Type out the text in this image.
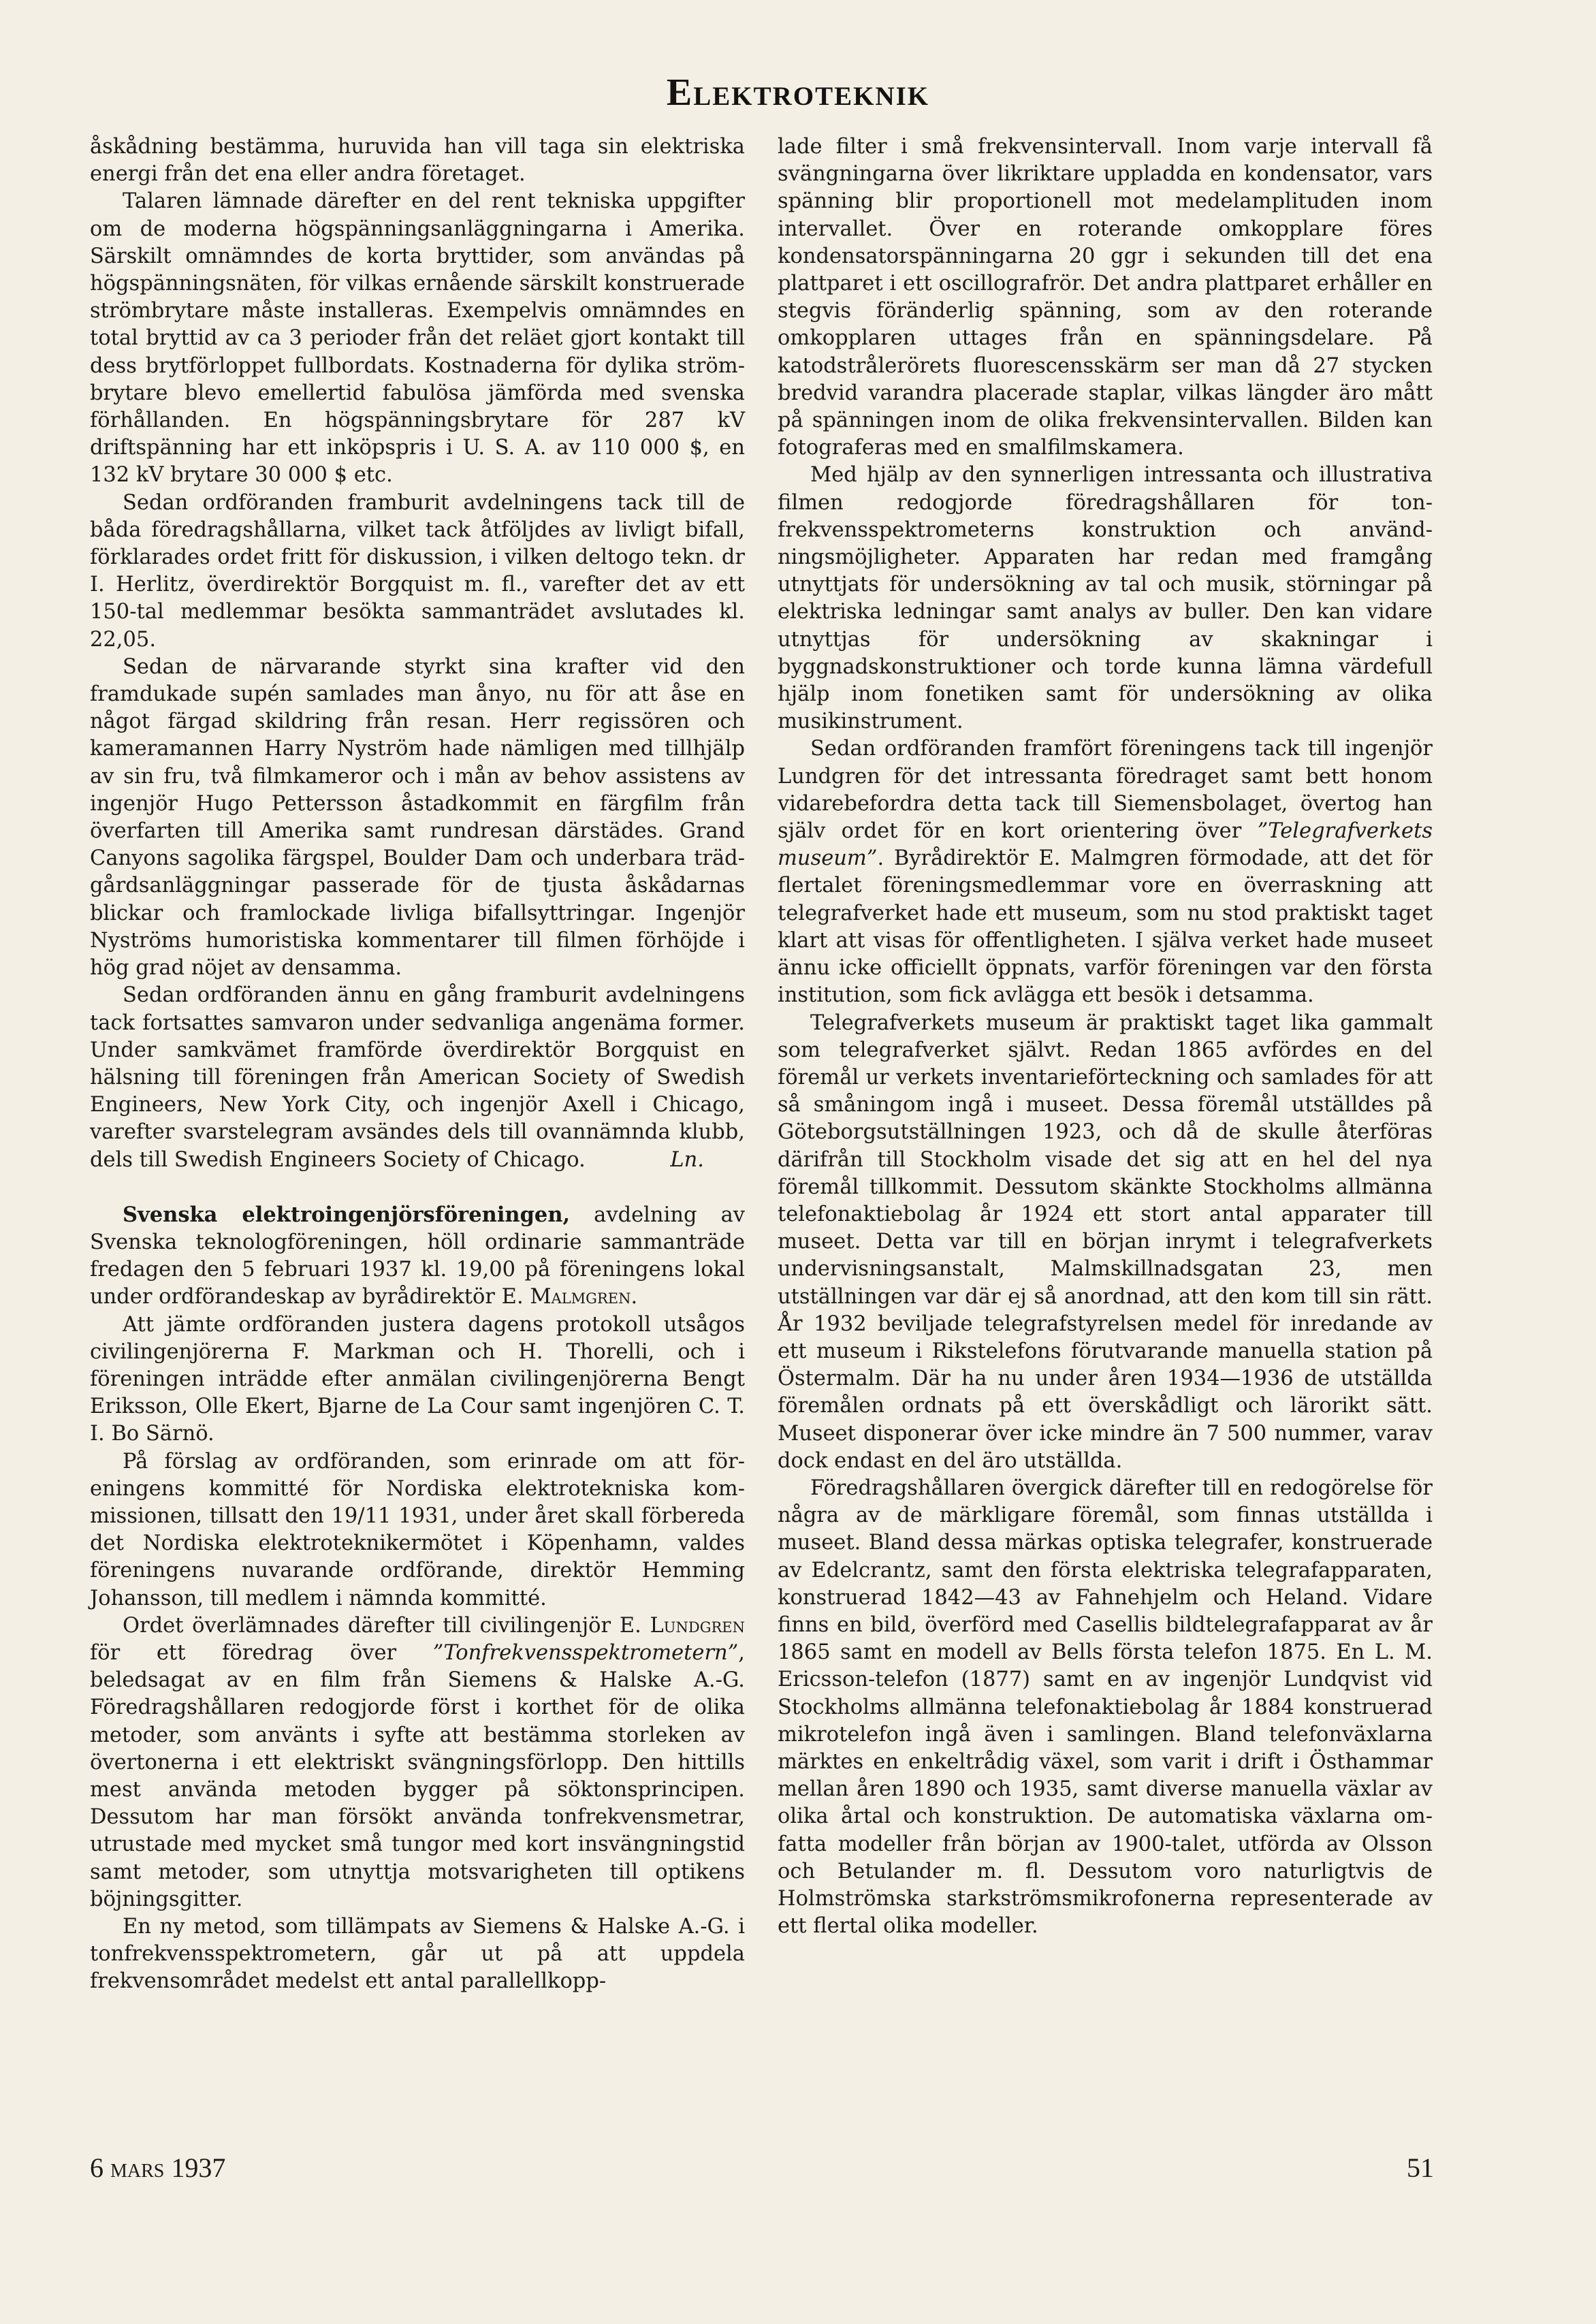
Elektroteknik

åskådning bestämma, huruvida han vill taga sin elektriska energi från det ena eller andra företaget.

Talaren lämnade därefter en del rent tekniska uppgifter om de moderna högspänningsanläggningarna i Amerika. Särskilt omnämndes de korta bryttider, som användas på högspänningsnäten, för vilkas ernående särskilt konstruerade strömbrytare måste installeras. Exempelvis omnämndes en total bryttid av ca 3 perioder från det reläet gjort kontakt till dess brytförloppet fullbordats. Kostnaderna för dylika strömbrytare blevo emellertid fabulösa jämförda med svenska förhållanden. En högspänningsbrytare för 287 kV driftspänning har ett inköpspris i U. S. A. av 110 000 $, en 132 kV brytare 30 000 $ etc.

Sedan ordföranden framburit avdelningens tack till de båda föredragshållarna, vilket tack åtföljdes av livligt bifall, förklarades ordet fritt för diskussion, i vilken deltogo tekn. dr I. Herlitz, överdirektör Borgquist m. fl., varefter det av ett 150-tal medlemmar besökta sammanträdet avslutades kl. 22,05.

Sedan de närvarande styrkt sina krafter vid den framdukade supén samlades man ånyo, nu för att åse en något färgad skildring från resan. Herr regissören och kameramannen Harry Nyström hade nämligen med tillhjälp av sin fru, två filmkameror och i mån av behov assistens av ingenjör Hugo Pettersson åstadkommit en färgfilm från överfarten till Amerika samt rundresan därstädes. Grand Canyons sagolika färgspel, Boulder Dam och underbara trädgårdsanläggningar passerade för de tjusta åskådarnas blickar och framlockade livliga bifallsyttringar. Ingenjör Nyströms humoristiska kommentarer till filmen förhöjde i hög grad nöjet av densamma.

Sedan ordföranden ännu en gång framburit avdelningens tack fortsattes samvaron under sedvanliga angenäma former. Under samkvämet framförde överdirektör Borgquist en hälsning till föreningen från American Society of Swedish Engineers, New York City, och ingenjör Axell i Chicago, varefter svarstelegram avsändes dels till ovannämnda klubb, dels till Swedish Engineers Society of Chicago.	Ln.

Svenska elektroingenjörsföreningen, avdelning av Svenska teknologföreningen, höll ordinarie sammanträde fredagen den 5 februari 1937 kl. 19,00 på föreningens lokal under ordförandeskap av byrådirektör E. Malmgren.

Att jämte ordföranden justera dagens protokoll utsågos civilingenjörerna F. Markman och H. Thorelli, och i föreningen inträdde efter anmälan civilingenjörerna Bengt Eriksson, Olle Ekert, Bjarne de La Cour samt ingenjören C. T. I. Bo Särnö.

På förslag av ordföranden, som erinrade om att föreningens kommitté för Nordiska elektrotekniska kommissionen, tillsatt den 19/11 1931, under året skall förbereda det Nordiska elektroteknikermötet i Köpenhamn, valdes föreningens nuvarande ordförande, direktör Hemming Johansson, till medlem i nämnda kommitté.

Ordet överlämnades därefter till civilingenjör E. Lundgren för ett föredrag över ”Tonfrekvensspektrometern”, beledsagat av en film från Siemens & Halske A.-G. Föredragshållaren redogjorde först i korthet för de olika metoder, som använts i syfte att bestämma storleken av övertonerna i ett elektriskt svängningsförlopp. Den hittills mest använda metoden bygger på söktonsprincipen. Dessutom har man försökt använda tonfrekvensmetrar, utrustade med mycket små tungor med kort insvängningstid samt metoder, som utnyttja motsvarigheten till optikens böjningsgitter.

En ny metod, som tillämpats av Siemens & Halske A.-G. i tonfrekvensspektrometern, går ut på att uppdela frekvensområdet medelst ett antal parallellkopp-

lade filter i små frekvensintervall. Inom varje intervall få svängningarna över likriktare uppladda en kondensator, vars spänning blir proportionell mot medelamplituden inom intervallet. Över en roterande omkopplare föres kondensatorspänningarna 20 ggr i sekunden till det ena plattparet i ett oscillografrör. Det andra plattparet erhåller en stegvis föränderlig spänning, som av den roterande omkopplaren uttages från en spänningsdelare. På katodstrålerörets fluorescensskärm ser man då 27 stycken bredvid varandra placerade staplar, vilkas längder äro mått på spänningen inom de olika frekvensintervallen. Bilden kan fotograferas med en smalfilmskamera.

Med hjälp av den synnerligen intressanta och illustrativa filmen redogjorde föredragshållaren för tonfrekvensspektrometerns konstruktion och användningsmöjligheter. Apparaten har redan med framgång utnyttjats för undersökning av tal och musik, störningar på elektriska ledningar samt analys av buller. Den kan vidare utnyttjas för undersökning av skakningar i byggnadskonstruktioner och torde kunna lämna värdefull hjälp inom fonetiken samt för undersökning av olika musikinstrument.

Sedan ordföranden framfört föreningens tack till ingenjör Lundgren för det intressanta föredraget samt bett honom vidarebefordra detta tack till Siemensbolaget, övertog han själv ordet för en kort orientering över ”Telegrafverkets museum”. Byrådirektör E. Malmgren förmodade, att det för flertalet föreningsmedlemmar vore en överraskning att telegrafverket hade ett museum, som nu stod praktiskt taget klart att visas för offentligheten. I själva verket hade museet ännu icke officiellt öppnats, varför föreningen var den första institution, som fick avlägga ett besök i detsamma.

Telegrafverkets museum är praktiskt taget lika gammalt som telegrafverket självt. Redan 1865 avfördes en del föremål ur verkets inventarieförteckning och samlades för att så småningom ingå i museet. Dessa föremål utställdes på Göteborgsutställningen 1923, och då de skulle återföras därifrån till Stockholm visade det sig att en hel del nya föremål tillkommit. Dessutom skänkte Stockholms allmänna telefonaktiebolag år 1924 ett stort antal apparater till museet. Detta var till en början inrymt i telegrafverkets undervisningsanstalt, Malmskillnadsgatan 23, men utställningen var där ej så anordnad, att den kom till sin rätt. År 1932 beviljade telegrafstyrelsen medel för inredande av ett museum i Rikstelefons förutvarande manuella station på Östermalm. Där ha nu under åren 1934—1936 de utställda föremålen ordnats på ett överskådligt och lärorikt sätt. Museet disponerar över icke mindre än 7 500 nummer, varav dock endast en del äro utställda.

Föredragshållaren övergick därefter till en redogörelse för några av de märkligare föremål, som finnas utställda i museet. Bland dessa märkas optiska telegrafer, konstruerade av Edelcrantz, samt den första elektriska telegrafapparaten, konstruerad 1842—43 av Fahnehjelm och Heland. Vidare finns en bild, överförd med Casellis bildtelegrafapparat av år 1865 samt en modell av Bells första telefon 1875. En L. M. Ericsson-telefon (1877) samt en av ingenjör Lundqvist vid Stockholms allmänna telefonaktiebolag år 1884 konstruerad mikrotelefon ingå även i samlingen. Bland telefonväxlarna märktes en enkeltrådig växel, som varit i drift i Östhammar mellan åren 1890 och 1935, samt diverse manuella växlar av olika årtal och konstruktion. De automatiska växlarna omfatta modeller från början av 1900-talet, utförda av Olsson och Betulander m. fl. Dessutom voro naturligtvis de Holmströmska starkströmsmikrofonerna representerade av ett flertal olika modeller.

6 mars 1937	51
